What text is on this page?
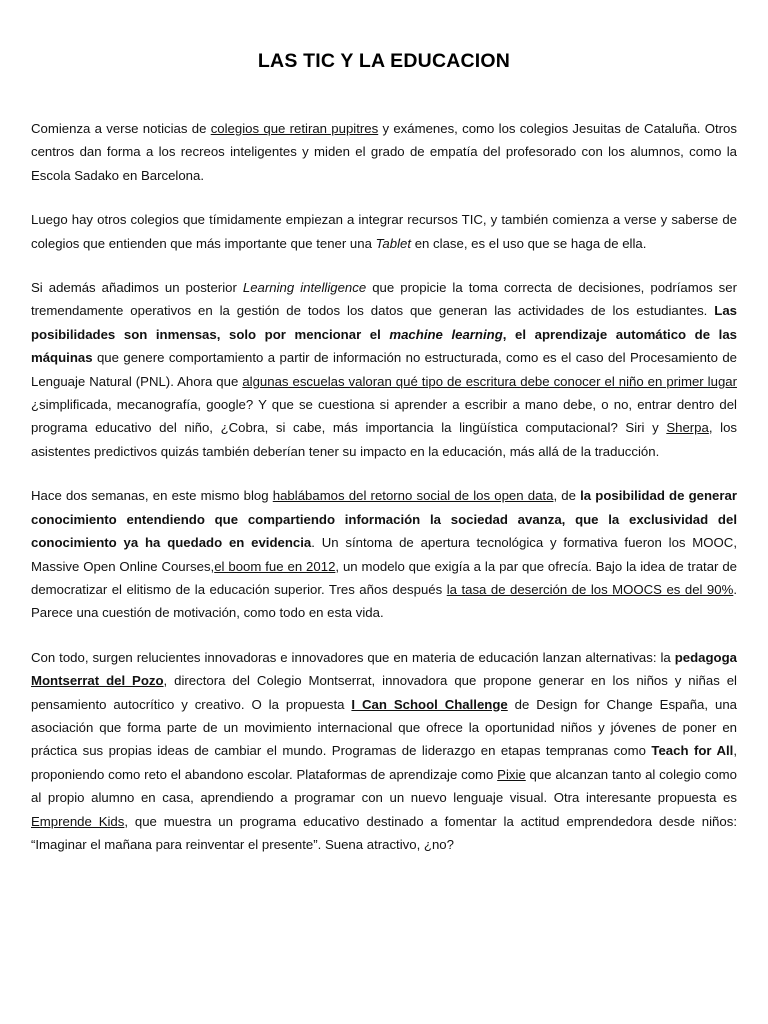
LAS TIC Y LA EDUCACION

Comienza a verse noticias de colegios que retiran pupitres y exámenes, como los colegios Jesuitas de Cataluña. Otros centros dan forma a los recreos inteligentes y miden el grado de empatía del profesorado con los alumnos, como la Escola Sadako en Barcelona.

Luego hay otros colegios que tímidamente empiezan a integrar recursos TIC, y también comienza a verse y saberse de colegios que entienden que más importante que tener una Tablet en clase, es el uso que se haga de ella.

Si además añadimos un posterior Learning intelligence que propicie la toma correcta de decisiones, podríamos ser tremendamente operativos en la gestión de todos los datos que generan las actividades de los estudiantes. Las posibilidades son inmensas, solo por mencionar el machine learning, el aprendizaje automático de las máquinas que genere comportamiento a partir de información no estructurada, como es el caso del Procesamiento de Lenguaje Natural (PNL). Ahora que algunas escuelas valoran qué tipo de escritura debe conocer el niño en primer lugar ¿simplificada, mecanografía, google? Y que se cuestiona si aprender a escribir a mano debe, o no, entrar dentro del programa educativo del niño, ¿Cobra, si cabe, más importancia la lingüística computacional? Siri y Sherpa, los asistentes predictivos quizás también deberían tener su impacto en la educación, más allá de la traducción.

Hace dos semanas, en este mismo blog hablábamos del retorno social de los open data, de la posibilidad de generar conocimiento entendiendo que compartiendo información la sociedad avanza, que la exclusividad del conocimiento ya ha quedado en evidencia. Un síntoma de apertura tecnológica y formativa fueron los MOOC, Massive Open Online Courses,el boom fue en 2012, un modelo que exigía a la par que ofrecía. Bajo la idea de tratar de democratizar el elitismo de la educación superior. Tres años después la tasa de deserción de los MOOCS es del 90%. Parece una cuestión de motivación, como todo en esta vida.

Con todo, surgen relucientes innovadoras e innovadores que en materia de educación lanzan alternativas: la pedagoga Montserrat del Pozo, directora del Colegio Montserrat, innovadora que propone generar en los niños y niñas el pensamiento autocrítico y creativo. O la propuesta I Can School Challenge de Design for Change España, una asociación que forma parte de un movimiento internacional que ofrece la oportunidad niños y jóvenes de poner en práctica sus propias ideas de cambiar el mundo. Programas de liderazgo en etapas tempranas como Teach for All, proponiendo como reto el abandono escolar. Plataformas de aprendizaje como Pixie que alcanzan tanto al colegio como al propio alumno en casa, aprendiendo a programar con un nuevo lenguaje visual. Otra interesante propuesta es Emprende Kids, que muestra un programa educativo destinado a fomentar la actitud emprendedora desde niños: “Imaginar el mañana para reinventar el presente”. Suena atractivo, ¿no?
